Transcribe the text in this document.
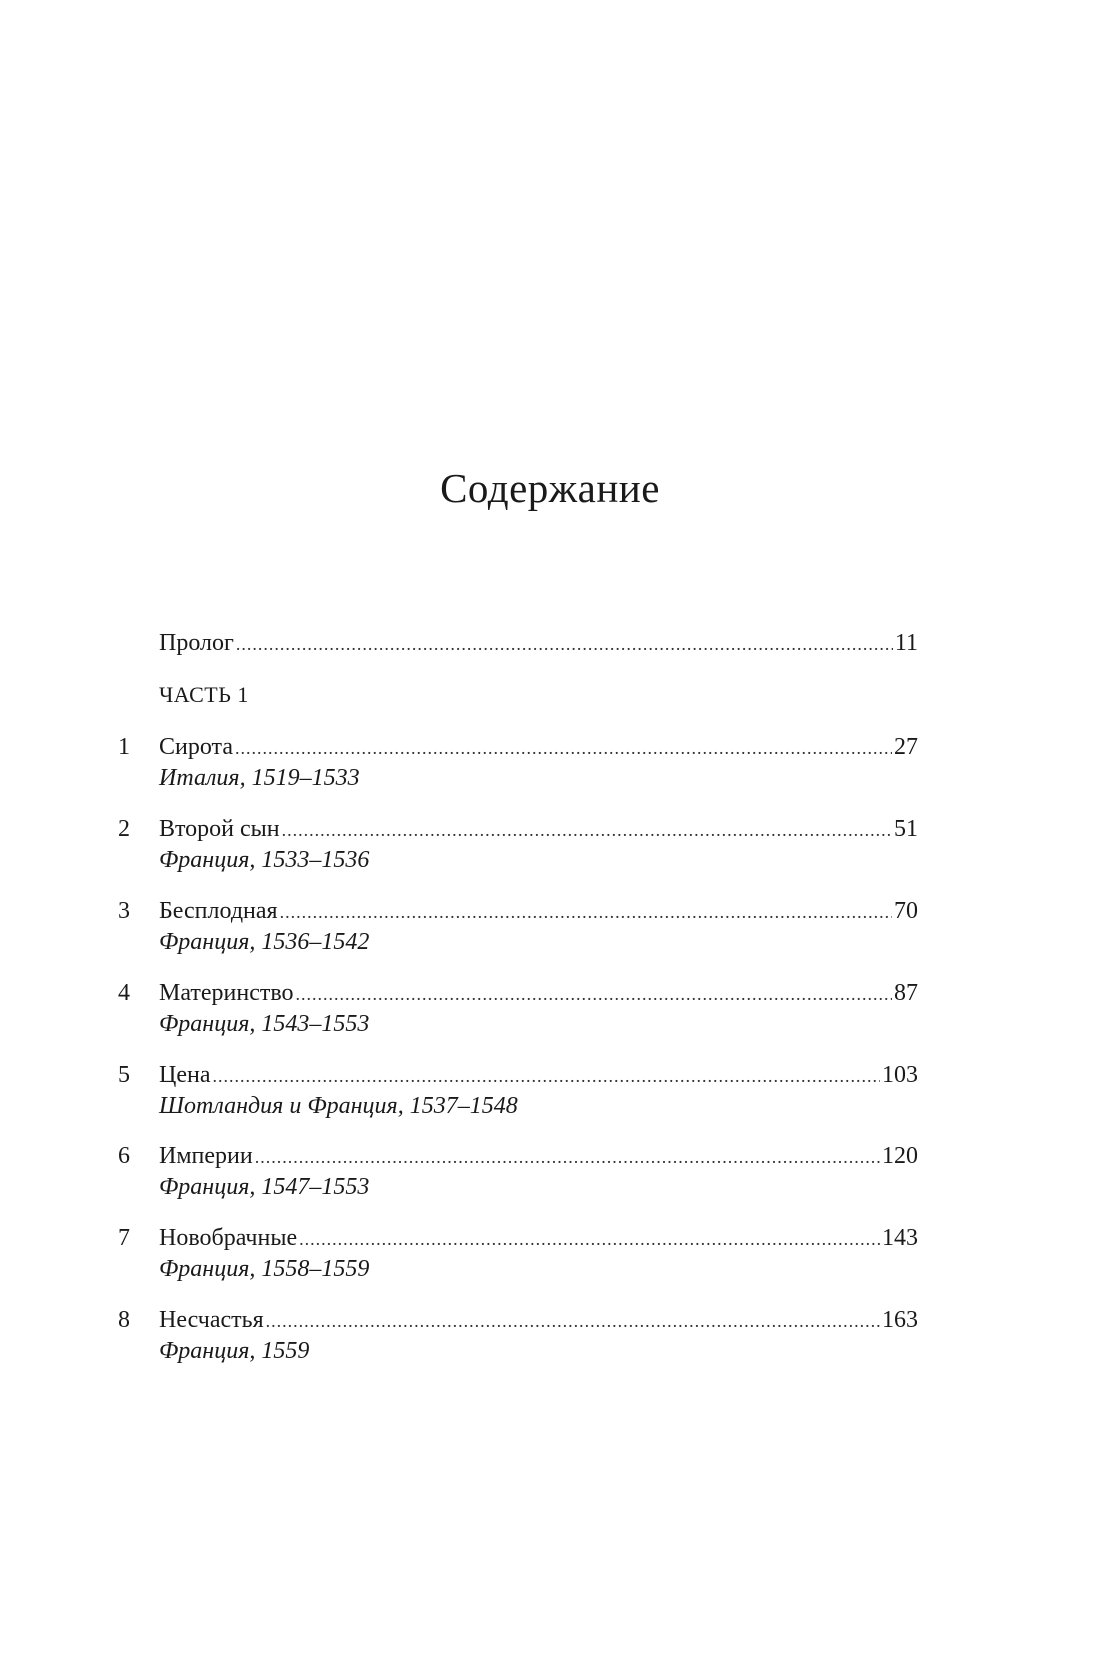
Содержание
Пролог .....	11
ЧАСТЬ 1
1	Сирота .....	27
Италия, 1519–1533
2	Второй сын .....	51
Франция, 1533–1536
3	Бесплодная .....	70
Франция, 1536–1542
4	Материнство .....	87
Франция, 1543–1553
5	Цена .....	103
Шотландия и Франция, 1537–1548
6	Империи .....	120
Франция, 1547–1553
7	Новобрачные .....	143
Франция, 1558–1559
8	Несчастья .....	163
Франция, 1559
